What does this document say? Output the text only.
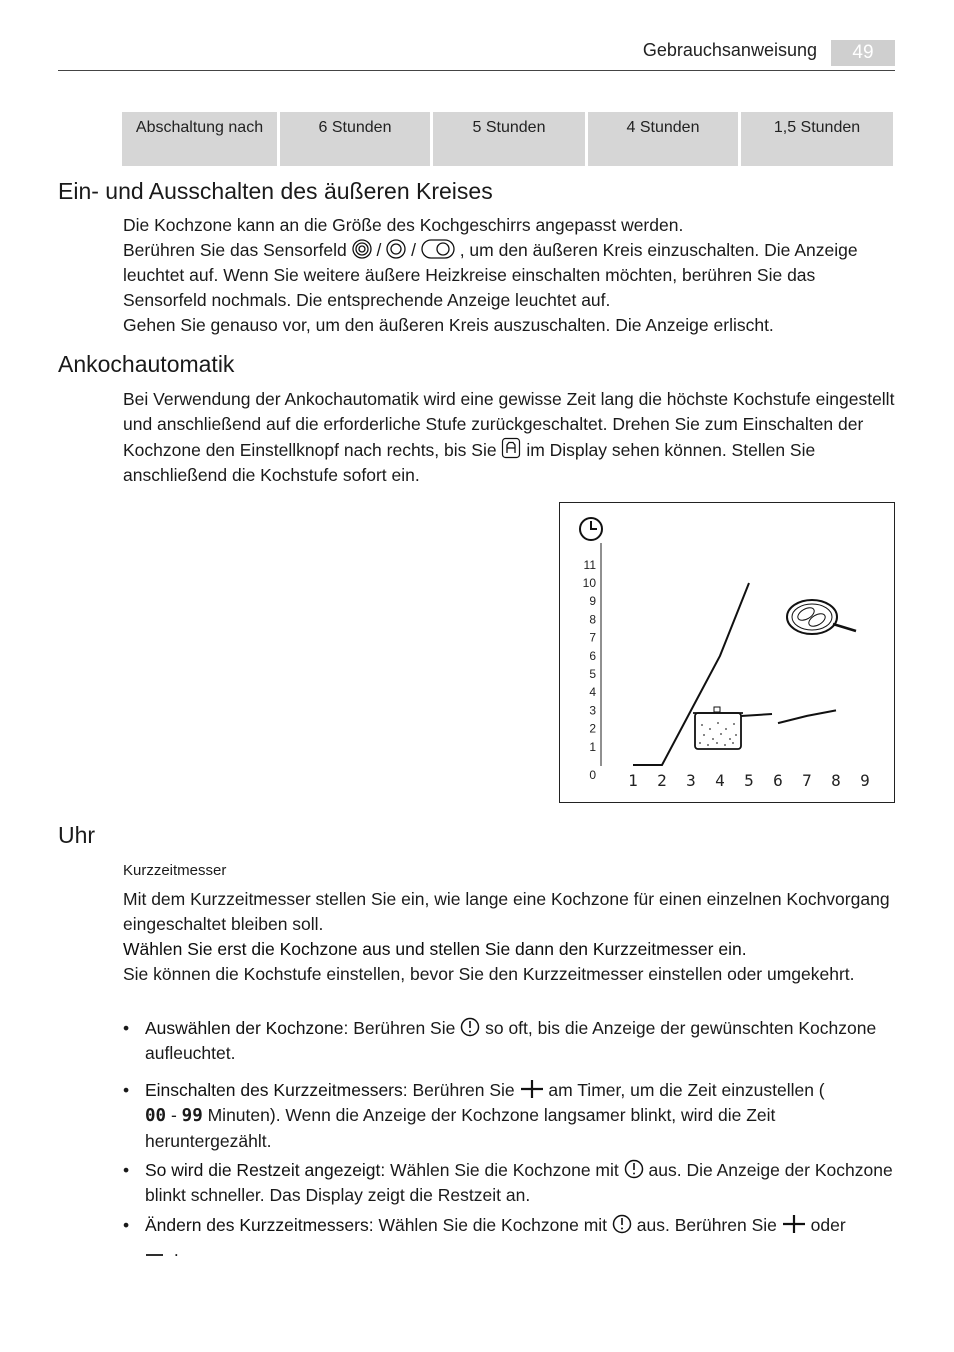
Gebrauchsanweisung	49
Abschaltung nach	6 Stunden	5 Stunden	4 Stunden	1,5 Stunden
Ein- und Ausschalten des äußeren Kreises

Die Kochzone kann an die Größe des Kochgeschirrs angepasst werden.

Berühren Sie das Sensorfeld  /  /  , um den äußeren Kreis einzuschalten. Die Anzeige leuchtet auf. Wenn Sie weitere äußere Heizkreise einschalten möchten, berühren Sie das Sensorfeld nochmals. Die entsprechende Anzeige leuchtet auf.

Gehen Sie genauso vor, um den äußeren Kreis auszuschalten. Die Anzeige erlischt.

Ankochautomatik

Bei Verwendung der Ankochautomatik wird eine gewisse Zeit lang die höchste Kochstufe eingestellt und anschließend auf die erforderliche Stufe zurückgeschaltet. Drehen Sie zum Einschalten der Kochzone den Einstellknopf nach rechts, bis Sie im Display sehen können. Stellen Sie anschließend die Kochstufe sofort ein.

0
1
2
3
4
5
6
7
8
9
10
11
1 2 3 4 5 6 7 8 9
Uhr
Kurzzeitmesser

Mit dem Kurzzeitmesser stellen Sie ein, wie lange eine Kochzone für einen einzelnen Kochvorgang eingeschaltet bleiben soll.

Wählen Sie erst die Kochzone aus und stellen Sie dann den Kurzzeitmesser ein.

Sie können die Kochstufe einstellen, bevor Sie den Kurzzeitmesser einstellen oder umgekehrt.

• Auswählen der Kochzone: Berühren Sie so oft, bis die Anzeige der gewünschten Kochzone aufleuchtet.
• Einschalten des Kurzzeitmessers: Berühren Sie am Timer, um die Zeit einzustellen (
00 - 99 Minuten). Wenn die Anzeige der Kochzone langsamer blinkt, wird die Zeit heruntergezählt.
• So wird die Restzeit angezeigt: Wählen Sie die Kochzone mit aus. Die Anzeige der Kochzone blinkt schneller. Das Display zeigt die Restzeit an.
• Ändern des Kurzzeitmessers: Wählen Sie die Kochzone mit aus. Berühren Sie oder
.
